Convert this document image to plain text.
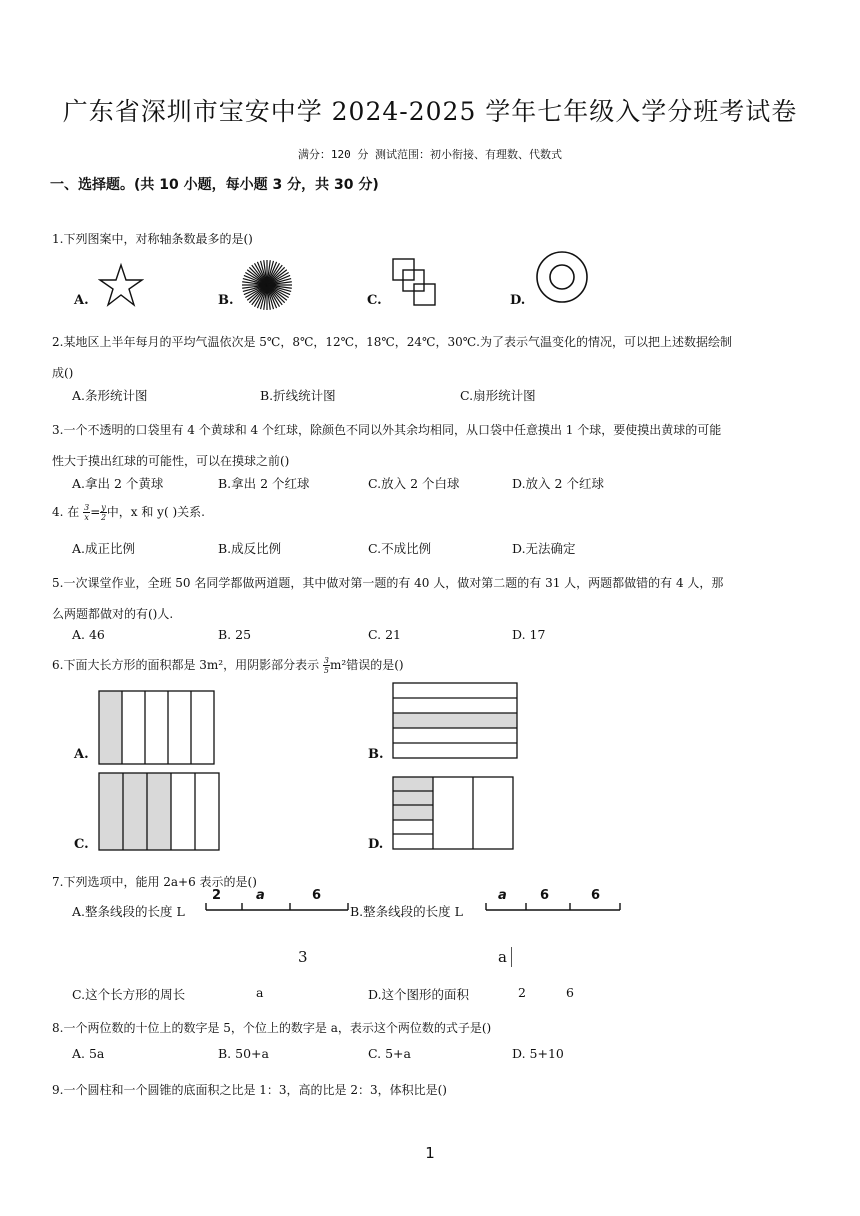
广东省深圳市宝安中学 2024-2025 学年七年级入学分班考试卷
满分：120 分 测试范围：初小衔接、有理数、代数式
一、选择题。(共 10 小题，每小题 3 分，共 30 分)
1.下列图案中，对称轴条数最多的是()
A.	B.	C.	D.
2.某地区上半年每月的平均气温依次是 5℃，8℃，12℃，18℃，24℃，30℃.为了表示气温变化的情况，可以把上述数据绘制
成()
A.条形统计图	B.折线统计图	C.扇形统计图
3.一个不透明的口袋里有 4 个黄球和 4 个红球，除颜色不同以外其余均相同，从口袋中任意摸出 1 个球，要使摸出黄球的可能
性大于摸出红球的可能性，可以在摸球之前()
A.拿出 2 个黄球	B.拿出 2 个红球	C.放入 2 个白球	D.放入 2 个红球
4. 在 $\frac{3}{x} = \frac{y}{2}$ 中，x 和 y( )关系.
A.成正比例	B.成反比例	C.不成比例	D.无法确定
5.一次课堂作业，全班 50 名同学都做两道题，其中做对第一题的有 40 人，做对第二题的有 31 人，两题都做错的有 4 人，那
么两题都做对的有()人.
A. 46	B. 25	C. 21	D. 17
6.下面大长方形的面积都是 3m²，用阴影部分表示 $\frac{3}{5} m^2$错误的是()
A.	B.
C.	D.
7.下列选项中，能用 2a+6 表示的是()
A.整条线段的长度 L
2	a	6
B.整条线段的长度 L
a	6	6
3	a
C.这个长方形的周长	a	D.这个图形的面积	2	6
8.一个两位数的十位上的数字是 5，个位上的数字是 a，表示这个两位数的式子是()
A. 5a	B. 50+a	C. 5+a	D. 5+10
9.一个圆柱和一个圆锥的底面积之比是 1：3，高的比是 2：3，体积比是()
1
